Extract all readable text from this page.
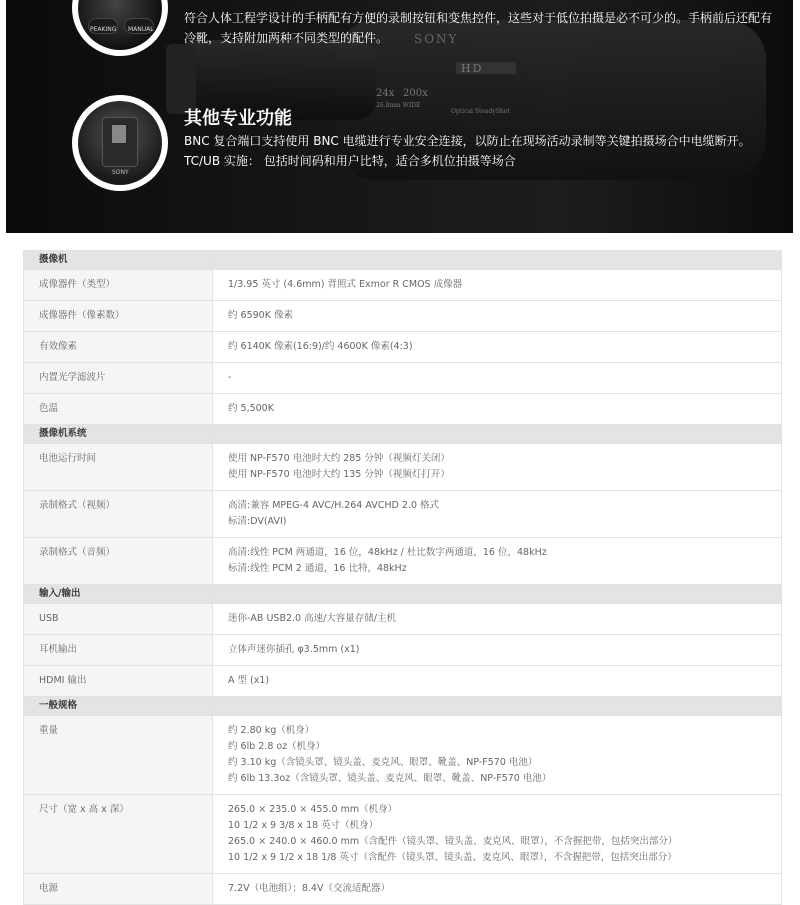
SONY
HD
24x 200x
26.8mm WIDE
Optical SteadyShot
PEAKING MANUAL
SONY
符合人体工程学设计的手柄配有方便的录制按钮和变焦控件，这些对于低位拍摄是必不可少的。手柄前后还配有
冷靴，支持附加两种不同类型的配件。
其他专业功能
BNC 复合端口支持使用 BNC 电缆进行专业安全连接，以防止在现场活动录制等关键拍摄场合中电缆断开。
TC/UB 实施： 包括时间码和用户比特，适合多机位拍摄等场合
摄像机	
成像器件（类型）	1/3.95 英寸 (4.6mm) 背照式 Exmor R CMOS 成像器

成像器件（像素数）	约 6590K 像素

有效像素	约 6140K 像素(16:9)/约 4600K 像素(4:3)

内置光学滤波片	-

色温	约 5,500K

摄像机系统	
电池运行时间	使用 NP-F570 电池时大约 285 分钟（视频灯关闭）
使用 NP-F570 电池时大约 135 分钟（视频灯打开）

录制格式（视频）	高清:兼容 MPEG-4 AVC/H.264 AVCHD 2.0 格式
标清:DV(AVI)

录制格式（音频）	高清:线性 PCM 两通道，16 位，48kHz / 杜比数字两通道，16 位，48kHz
标清:线性 PCM 2 通道，16 比特，48kHz

输入/输出	
USB	迷你-AB USB2.0 高速/大容量存储/主机

耳机输出	立体声迷你插孔 φ3.5mm (x1)

HDMI 输出	A 型 (x1)

一般规格	
重量	约 2.80 kg（机身）
约 6lb 2.8 oz（机身）
约 3.10 kg（含镜头罩、镜头盖、麦克风、眼罩、靴盖、NP-F570 电池）
约 6lb 13.3oz（含镜头罩、镜头盖、麦克风、眼罩、靴盖、NP-F570 电池）

尺寸（宽 x 高 x 深）	265.0 × 235.0 × 455.0 mm（机身）
10 1/2 x 9 3/8 x 18 英寸（机身）
265.0 × 240.0 × 460.0 mm（含配件（镜头罩、镜头盖、麦克风、眼罩），不含握把带，包括突出部分）
10 1/2 x 9 1/2 x 18 1/8 英寸（含配件（镜头罩、镜头盖、麦克风、眼罩），不含握把带，包括突出部分）

电源	7.2V（电池组）；8.4V（交流适配器）
